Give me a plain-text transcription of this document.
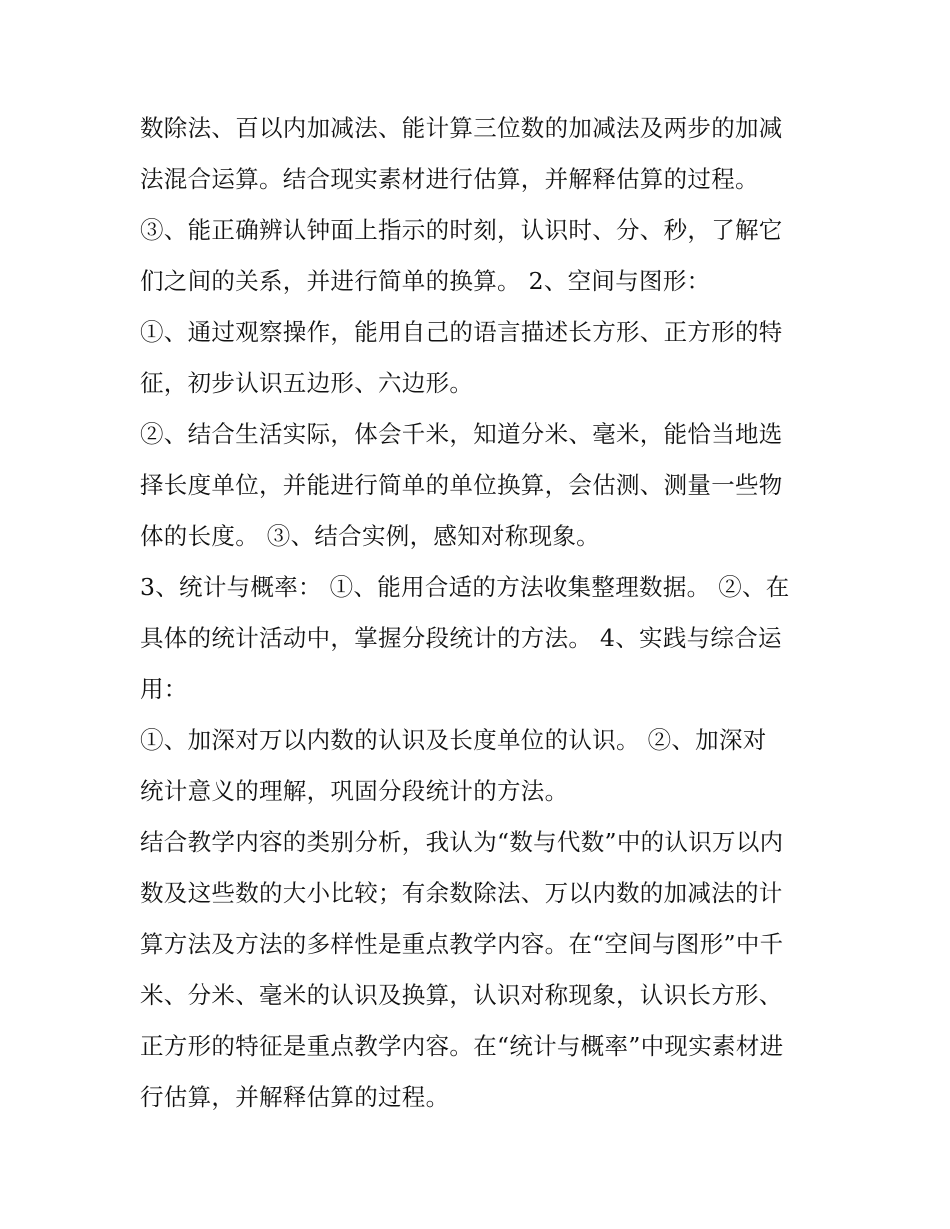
数除法、百以内加减法、能计算三位数的加减法及两步的加减
法混合运算。结合现实素材进行估算，并解释估算的过程。
③、能正确辨认钟面上指示的时刻，认识时、分、秒，了解它
们之间的关系，并进行简单的换算。 2、空间与图形：
①、通过观察操作，能用自己的语言描述长方形、正方形的特
征，初步认识五边形、六边形。
②、结合生活实际，体会千米，知道分米、毫米，能恰当地选
择长度单位，并能进行简单的单位换算，会估测、测量一些物
体的长度。 ③、结合实例，感知对称现象。
3、统计与概率： ①、能用合适的方法收集整理数据。 ②、在
具体的统计活动中，掌握分段统计的方法。 4、实践与综合运
用：
①、加深对万以内数的认识及长度单位的认识。 ②、加深对
统计意义的理解，巩固分段统计的方法。
结合教学内容的类别分析，我认为“数与代数”中的认识万以内
数及这些数的大小比较；有余数除法、万以内数的加减法的计
算方法及方法的多样性是重点教学内容。在“空间与图形”中千
米、分米、毫米的认识及换算，认识对称现象，认识长方形、
正方形的特征是重点教学内容。在“统计与概率”中现实素材进
行估算，并解释估算的过程。
